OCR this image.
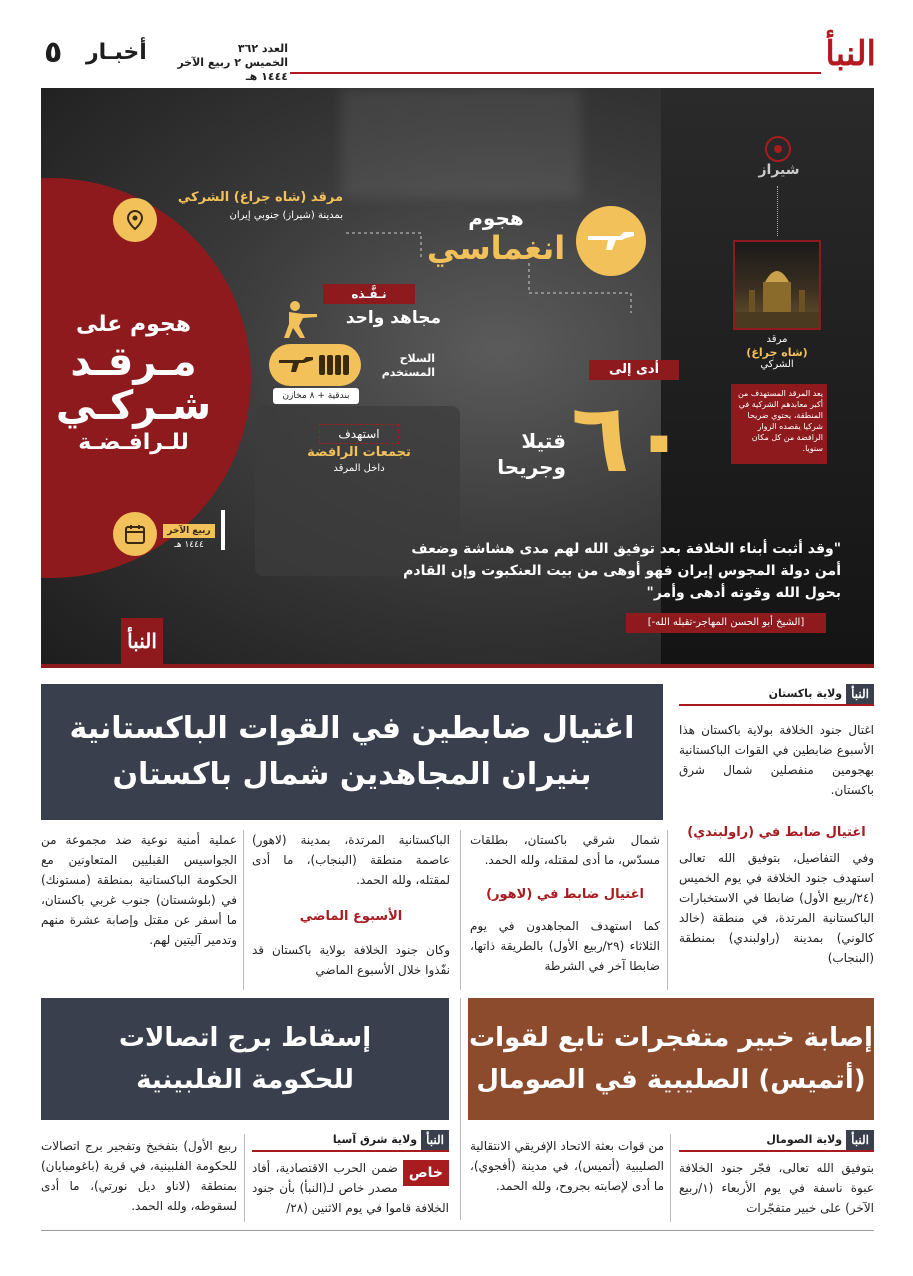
النبأ
٥ أخبـار	العدد ٣٦٢
الخميس ٢ ربيع الآخر ١٤٤٤ هـ
هجوم على
مـرقـد
شـركـي
للـرافـضـة
مرقد (شاه جراغ) الشركي
بمدينة (شيراز) جنوبي إيران	هجوم
انغماسي
نـفَّـذه
مجاهد واحد
السلاح المستخدم
بندقية + ٨ مخازن
استهدف
تجمعات الرافضة
داخل المرقد
أدى إلى
٦٠
قتيلا
وجريحا
ربيع الآخر
١٤٤٤ هـ
شيراز
مرقد
(شاه جراغ)
الشركي
يعد المرقد المستهدف من أكبر معابدهم الشركية في المنطقة، يحتوي ضريحا شركيا يقصده الزوار الرافضة من كل مكان سنويا.
"وقد أثبت أبناء الخلافة بعد توفيق الله لهم مدى هشاشة وضعف أمن دولة المجوس إيران فهو أوهى من بيت العنكبوت وإن القادم بحول الله وقوته أدهى وأمر"
[الشيخ أبو الحسن المهاجر-تقبله الله-]
النبأ
النبأولاية باكستان
اغتيال ضابطين في القوات الباكستانية
بنيران المجاهدين شمال باكستان
اغتال جنود الخلافة بولاية باكستان هذا الأسبوع ضابطين في القوات الباكستانية بهجومين منفصلين شمال شرق باكستان.
اغتيال ضابط في (راولبندي)
وفي التفاصيل، بتوفيق الله تعالى استهدف جنود الخلافة في يوم الخميس (٢٤/ربيع الأول) ضابطا في الاستخبارات الباكستانية المرتدة، في منطقة (خالد كالوني) بمدينة (راولبندي) بمنطقة (البنجاب)
شمال شرقي باكستان، بطلقات مسدّس، ما أدى لمقتله، ولله الحمد.
اغتيال ضابط في (لاهور)
كما استهدف المجاهدون في يوم الثلاثاء (٢٩/ربيع الأول) بالطريقة ذاتها، ضابطا آخر في الشرطة
الباكستانية المرتدة، بمدينة (لاهور) عاصمة منطقة (البنجاب)، ما أدى لمقتله، ولله الحمد.
الأسبوع الماضي
وكان جنود الخلافة بولاية باكستان قد نفّذوا خلال الأسبوع الماضي
عملية أمنية نوعية ضد مجموعة من الجواسيس القبليين المتعاونين مع الحكومة الباكستانية بمنطقة (مستونك) في (بلوشستان) جنوب غربي باكستان، ما أسفر عن مقتل وإصابة عشرة منهم وتدمير آليتين لهم.
إصابة خبير متفجرات تابع لقوات
(أتميس) الصليبية في الصومال
النبأولاية الصومال
بتوفيق الله تعالى، فجّر جنود الخلافة عبوة ناسفة في يوم الأربعاء (١/ربيع الآخر) على خبير متفجّرات
من قوات بعثة الاتحاد الإفريقي الانتقالية الصليبية (أتميس)، في مدينة (أفجوي)، ما أدى لإصابته بجروح، ولله الحمد.
إسقاط برج اتصالات
للحكومة الفلبينية
النبأولاية شرق آسيا
خاص
ضمن الحرب الاقتصادية، أفاد مصدر خاص لـ(النبأ) بأن جنود الخلافة قاموا في يوم الاثنين (٢٨/
ربيع الأول) بتفخيخ وتفجير برج اتصالات للحكومة الفلبينية، في قرية (باغومبايان) بمنطقة (لاناو ديل نورتي)، ما أدى لسقوطه، ولله الحمد.
